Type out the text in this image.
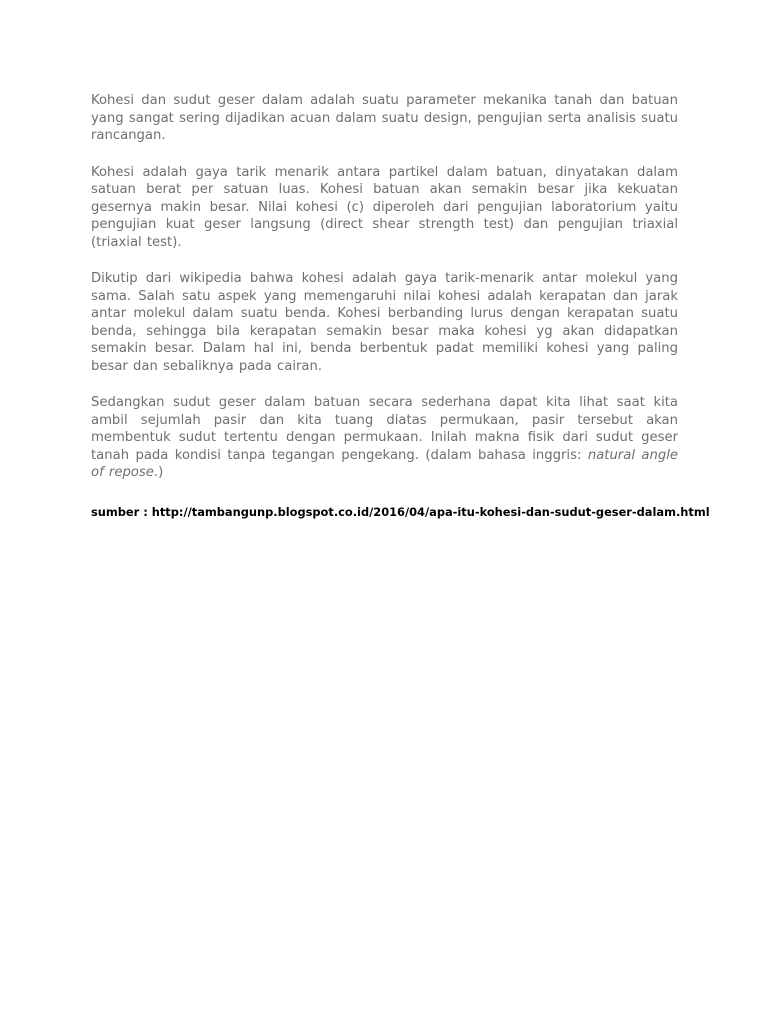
Kohesi dan sudut geser dalam adalah suatu parameter mekanika tanah dan batuan yang sangat sering dijadikan acuan dalam suatu design, pengujian serta analisis suatu rancangan.

Kohesi adalah gaya tarik menarik antara partikel dalam batuan, dinyatakan dalam satuan berat per satuan luas. Kohesi batuan akan semakin besar jika kekuatan gesernya makin besar. Nilai kohesi (c) diperoleh dari pengujian laboratorium yaitu pengujian kuat geser langsung (direct shear strength test) dan pengujian triaxial (triaxial test).

Dikutip dari wikipedia bahwa kohesi adalah gaya tarik-menarik antar molekul yang sama. Salah satu aspek yang memengaruhi nilai kohesi adalah kerapatan dan jarak antar molekul dalam suatu benda. Kohesi berbanding lurus dengan kerapatan suatu benda, sehingga bila kerapatan semakin besar maka kohesi yg akan didapatkan semakin besar. Dalam hal ini, benda berbentuk padat memiliki kohesi yang paling besar dan sebaliknya pada cairan.

Sedangkan sudut geser dalam batuan secara sederhana dapat kita lihat saat kita ambil sejumlah pasir dan kita tuang diatas permukaan, pasir tersebut akan membentuk sudut tertentu dengan permukaan. Inilah makna fisik dari sudut geser tanah pada kondisi tanpa tegangan pengekang. (dalam bahasa inggris: natural angle of repose.)

sumber : http://tambangunp.blogspot.co.id/2016/04/apa-itu-kohesi-dan-sudut-geser-dalam.html
